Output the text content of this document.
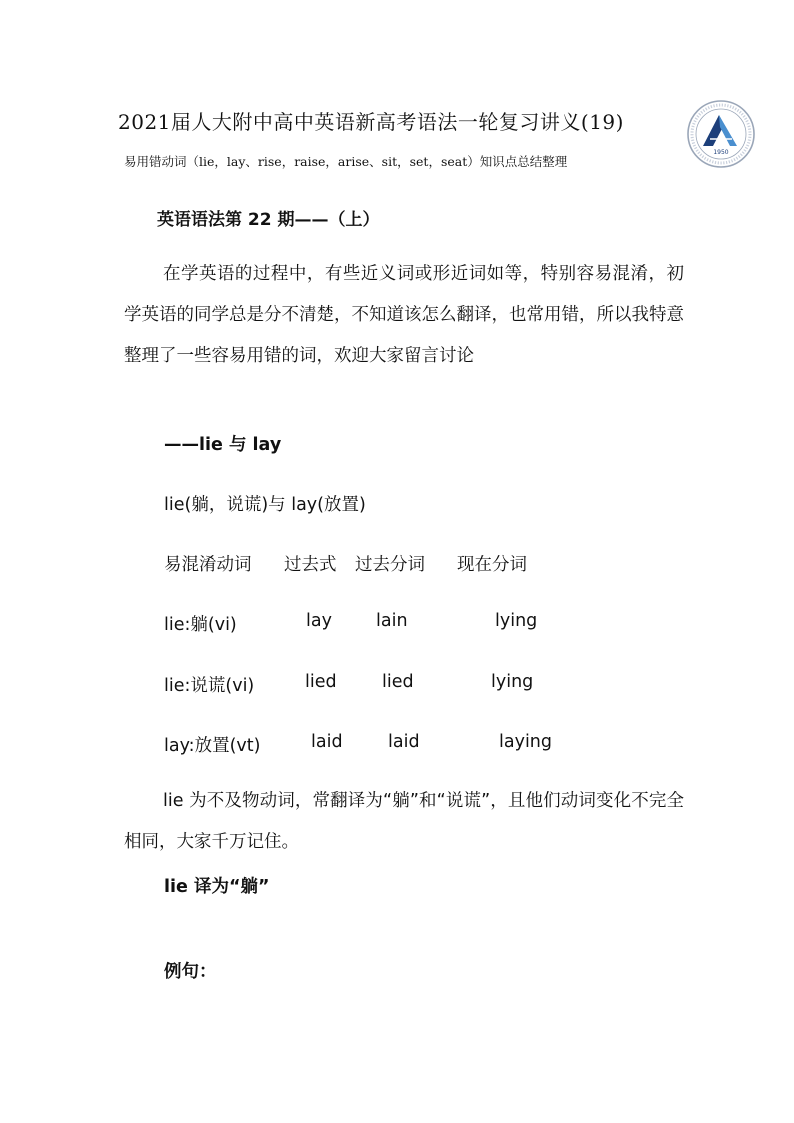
2021届人大附中高中英语新高考语法一轮复习讲义(19)
易用错动词（lie，lay、rise，raise，arise、sit，set，seat）知识点总结整理
1950
英语语法第 22 期——（上）

在学英语的过程中，有些近义词或形近词如等，特别容易混淆，初学英语的同学总是分不清楚，不知道该怎么翻译，也常用错，所以我特意整理了一些容易用错的词，欢迎大家留言讨论

——lie 与 lay
lie(躺，说谎)与 lay(放置)
易混淆动词 过去式 过去分词 现在分词
lie:躺(vi)	lay	lain	lying
lie:说谎(vi)	lied	lied	lying
lay:放置(vt)	laid	laid	laying

lie 为不及物动词，常翻译为“躺”和“说谎”，且他们动词变化不完全相同，大家千万记住。

lie 译为“躺”
例句：
